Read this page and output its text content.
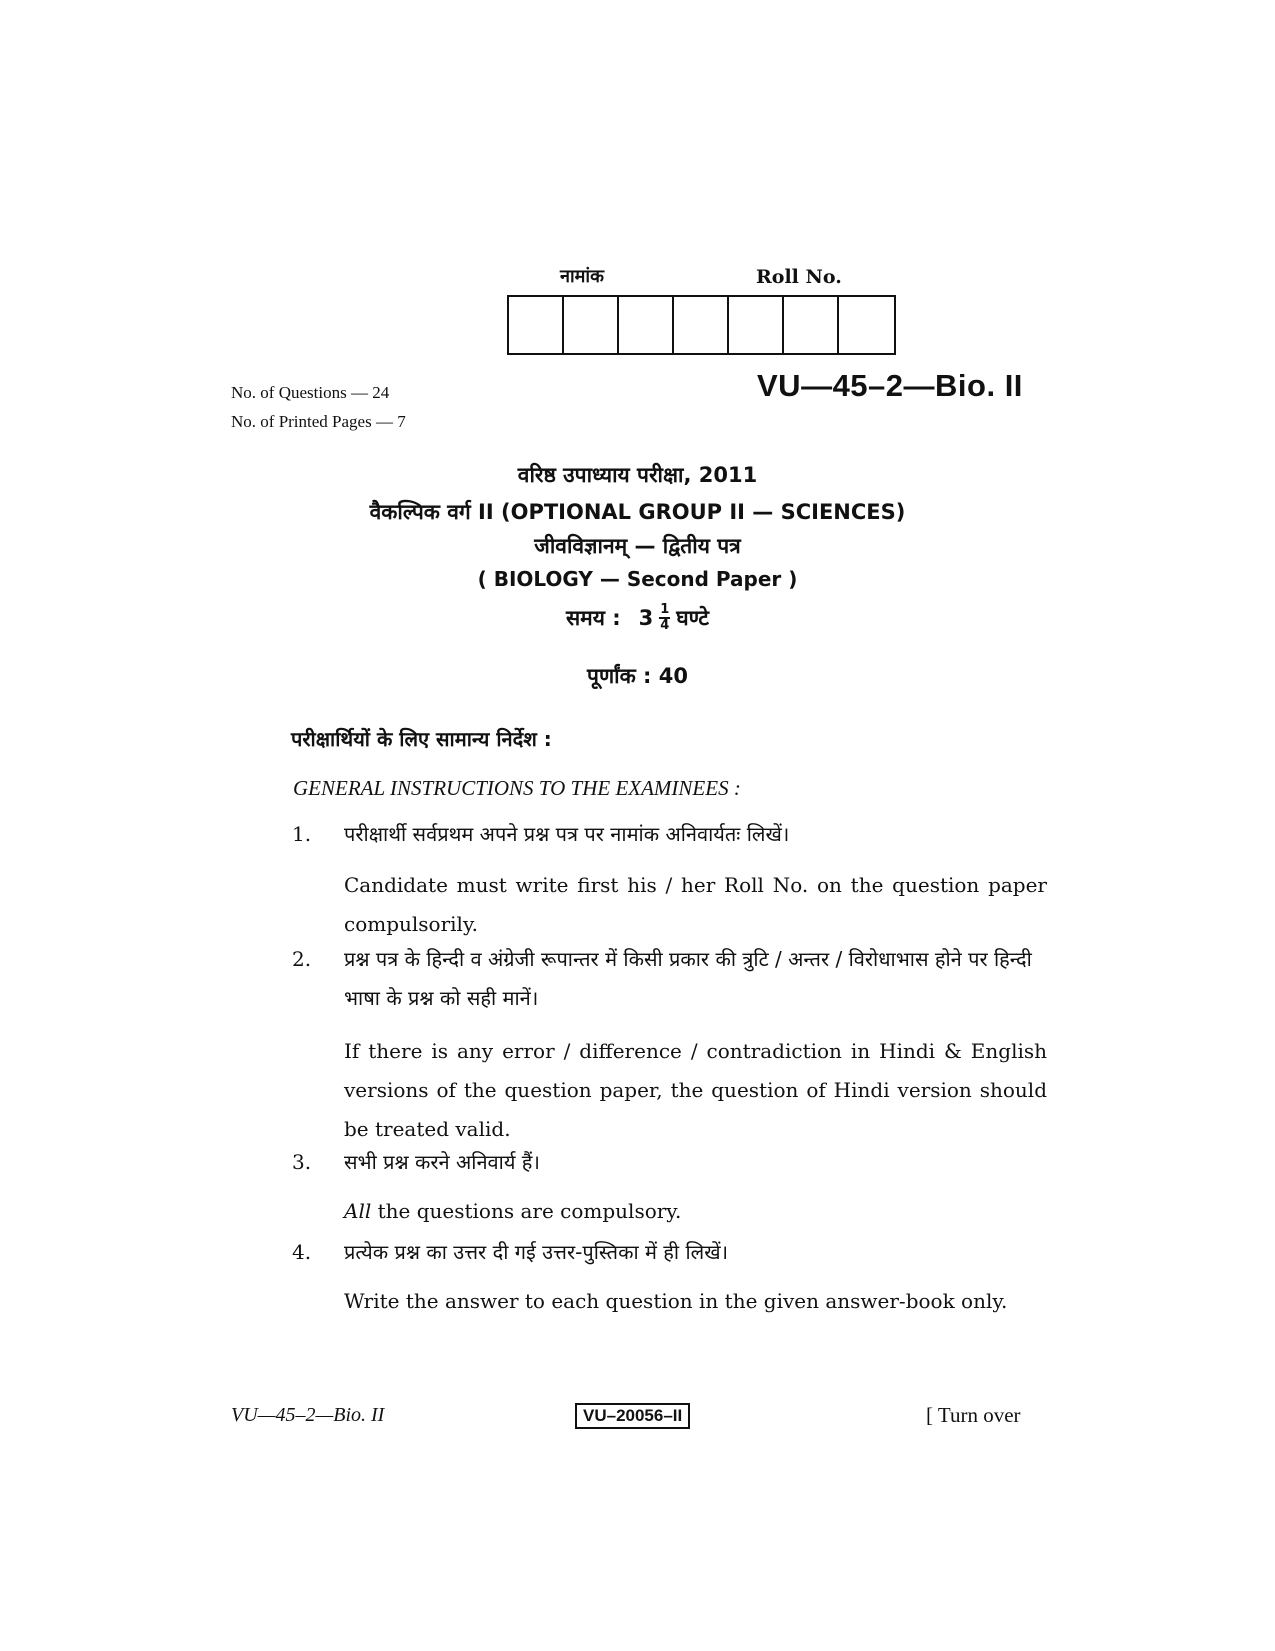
नामांक	Roll No.
No. of Questions — 24
No. of Printed Pages — 7
VU—45–2—Bio. II
वरिष्ठ उपाध्याय परीक्षा, 2011
वैकल्पिक वर्ग II (OPTIONAL GROUP II — SCIENCES)
जीवविज्ञानम् — द्वितीय पत्र
( BIOLOGY — Second Paper )
समय : $3 \frac{1}{4}$ घण्टे
पूर्णांक : 40
परीक्षार्थियों के लिए सामान्य निर्देश :
GENERAL INSTRUCTIONS TO THE EXAMINEES :
1. परीक्षार्थी सर्वप्रथम अपने प्रश्न पत्र पर नामांक अनिवार्यतः लिखें।
Candidate must write first his / her Roll No. on the question paper compulsorily.
2. प्रश्न पत्र के हिन्दी व अंग्रेजी रूपान्तर में किसी प्रकार की त्रुटि / अन्तर / विरोधाभास होने पर हिन्दी भाषा के प्रश्न को सही मानें।
If there is any error / difference / contradiction in Hindi & English versions of the question paper, the question of Hindi version should be treated valid.
3. सभी प्रश्न करने अनिवार्य हैं।
All the questions are compulsory.
4. प्रत्येक प्रश्न का उत्तर दी गई उत्तर-पुस्तिका में ही लिखें।
Write the answer to each question in the given answer-book only.
VU—45–2—Bio. II	VU–20056–II	[ Turn over
